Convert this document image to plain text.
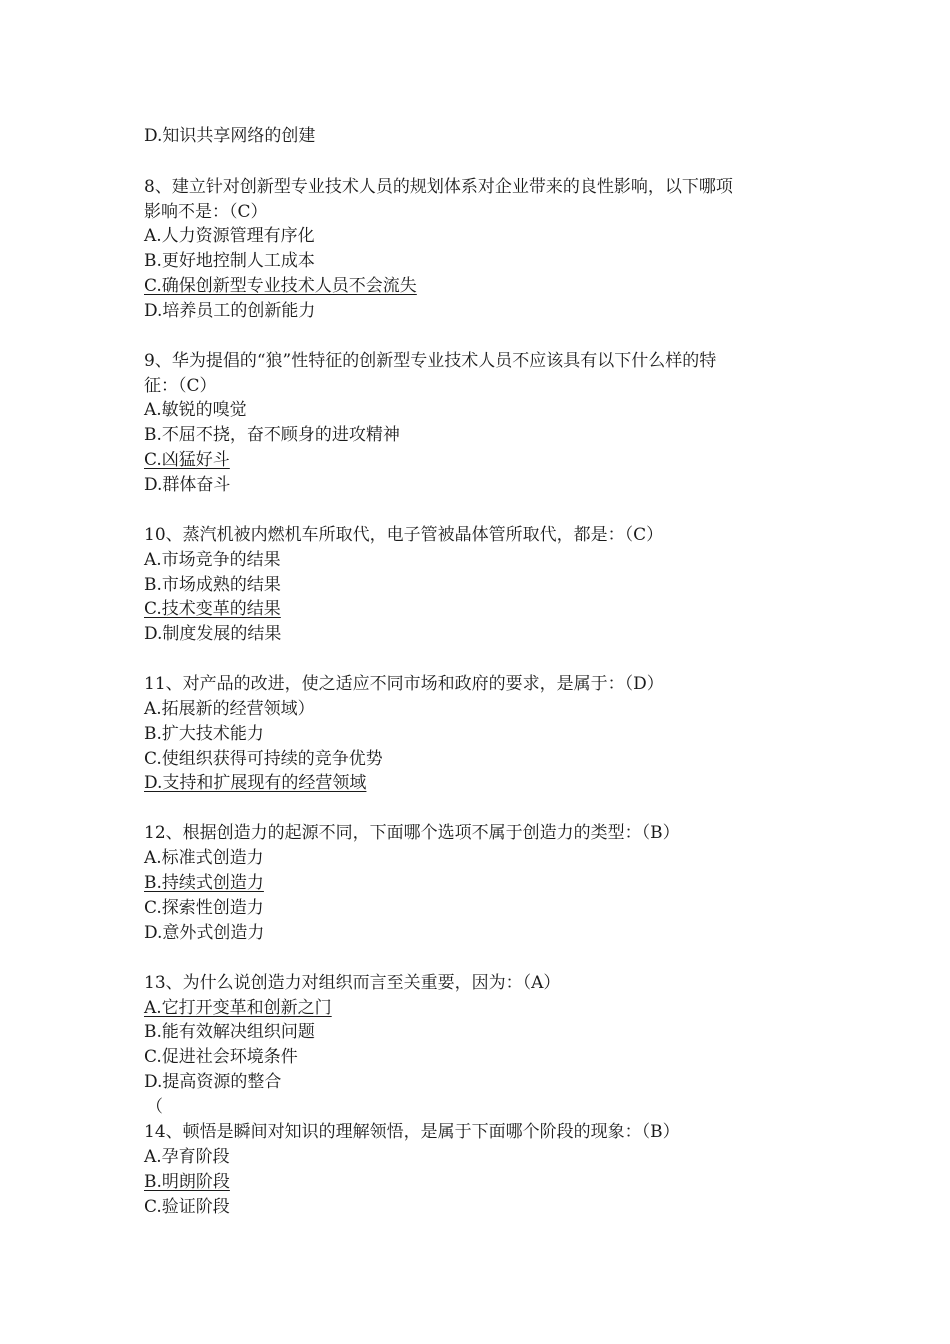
D.知识共享网络的创建
8、建立针对创新型专业技术人员的规划体系对企业带来的良性影响，以下哪项
影响不是：（C）
A.人力资源管理有序化
B.更好地控制人工成本
C.确保创新型专业技术人员不会流失
D.培养员工的创新能力
9、华为提倡的“狼”性特征的创新型专业技术人员不应该具有以下什么样的特
征：（C）
A.敏锐的嗅觉
B.不屈不挠，奋不顾身的进攻精神
C.凶猛好斗
D.群体奋斗
10、蒸汽机被内燃机车所取代，电子管被晶体管所取代，都是：（C）
A.市场竞争的结果
B.市场成熟的结果
C.技术变革的结果
D.制度发展的结果
11、对产品的改进，使之适应不同市场和政府的要求，是属于：（D）
A.拓展新的经营领域）
B.扩大技术能力
C.使组织获得可持续的竞争优势
D.支持和扩展现有的经营领域
12、根据创造力的起源不同，下面哪个选项不属于创造力的类型：（B）
A.标准式创造力
B.持续式创造力
C.探索性创造力
D.意外式创造力
13、为什么说创造力对组织而言至关重要，因为：（A）
A.它打开变革和创新之门
B.能有效解决组织问题
C.促进社会环境条件
D.提高资源的整合
（
14、顿悟是瞬间对知识的理解领悟，是属于下面哪个阶段的现象：（B）
A.孕育阶段
B.明朗阶段
C.验证阶段
